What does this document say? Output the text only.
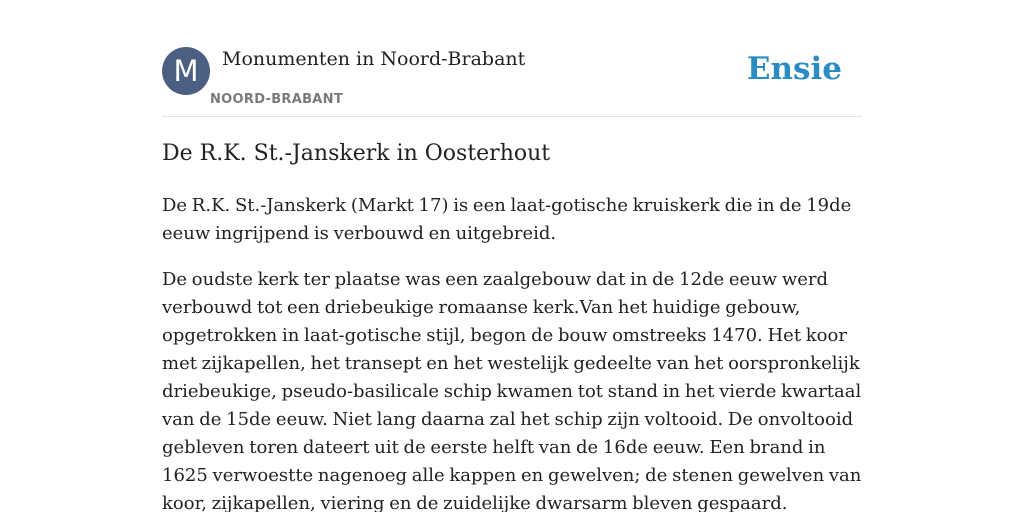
M	Monumenten in Noord-Brabant
NOORD-BRABANT
Ensie
De R.K. St.-Janskerk in Oosterhout

De R.K. St.-Janskerk (Markt 17) is een laat-gotische kruiskerk die in de 19de eeuw ingrijpend is verbouwd en uitgebreid.

De oudste kerk ter plaatse was een zaalgebouw dat in de 12de eeuw werd verbouwd tot een driebeukige romaanse kerk.Van het huidige gebouw, opgetrokken in laat-gotische stijl, begon de bouw omstreeks 1470. Het koor met zijkapellen, het transept en het westelijk gedeelte van het oorspronkelijk driebeukige, pseudo-basilicale schip kwamen tot stand in het vierde kwartaal van de 15de eeuw. Niet lang daarna zal het schip zijn voltooid. De onvoltooid gebleven toren dateert uit de eerste helft van de 16de eeuw. Een brand in 1625 verwoestte nagenoeg alle kappen en gewelven; de stenen gewelven van koor, zijkapellen, viering en de zuidelijke dwarsarm bleven gespaard.
